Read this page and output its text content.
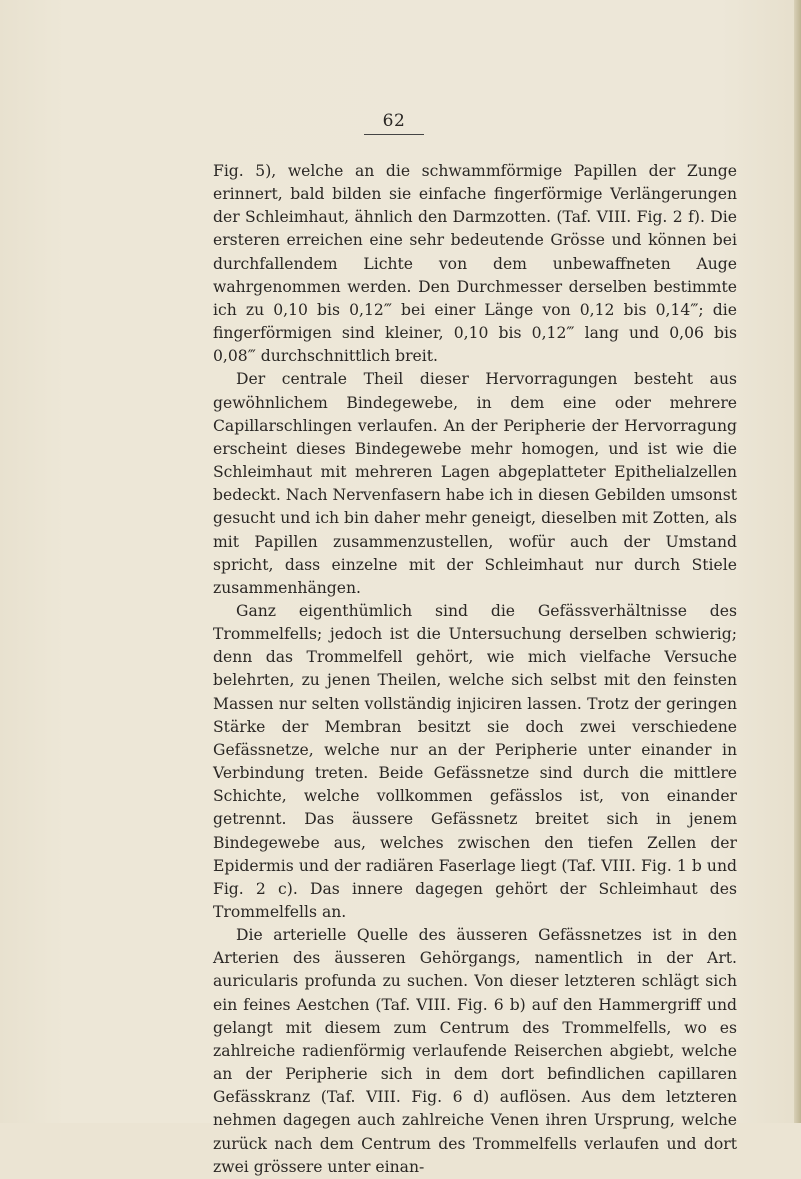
62

Fig. 5), welche an die schwammförmige Papillen der Zunge erinnert, bald bilden sie einfache fingerförmige Verlängerungen der Schleimhaut, ähnlich den Darmzotten. (Taf. VIII. Fig. 2 f). Die ersteren erreichen eine sehr bedeutende Grösse und können bei durchfallendem Lichte von dem unbewaffneten Auge wahrgenommen werden. Den Durchmesser derselben bestimmte ich zu 0,10 bis 0,12‴ bei einer Länge von 0,12 bis 0,14‴; die fingerförmigen sind kleiner, 0,10 bis 0,12‴ lang und 0,06 bis 0,08‴ durchschnittlich breit.

Der centrale Theil dieser Hervorragungen besteht aus gewöhnlichem Bindegewebe, in dem eine oder mehrere Capillarschlingen verlaufen. An der Peripherie der Hervorragung erscheint dieses Bindegewebe mehr homogen, und ist wie die Schleimhaut mit mehreren Lagen abgeplatteter Epithelialzellen bedeckt. Nach Nervenfasern habe ich in diesen Gebilden umsonst gesucht und ich bin daher mehr geneigt, dieselben mit Zotten, als mit Papillen zusammenzustellen, wofür auch der Umstand spricht, dass einzelne mit der Schleimhaut nur durch Stiele zusammenhängen.

Ganz eigenthümlich sind die Gefässverhältnisse des Trommelfells; jedoch ist die Untersuchung derselben schwierig; denn das Trommelfell gehört, wie mich vielfache Versuche belehrten, zu jenen Theilen, welche sich selbst mit den feinsten Massen nur selten vollständig injiciren lassen. Trotz der geringen Stärke der Membran besitzt sie doch zwei verschiedene Gefässnetze, welche nur an der Peripherie unter einander in Verbindung treten. Beide Gefässnetze sind durch die mittlere Schichte, welche vollkommen gefässlos ist, von einander getrennt. Das äussere Gefässnetz breitet sich in jenem Bindegewebe aus, welches zwischen den tiefen Zellen der Epidermis und der radiären Faserlage liegt (Taf. VIII. Fig. 1 b und Fig. 2 c). Das innere dagegen gehört der Schleimhaut des Trommelfells an.

Die arterielle Quelle des äusseren Gefässnetzes ist in den Arterien des äusseren Gehörgangs, namentlich in der Art. auricularis profunda zu suchen. Von dieser letzteren schlägt sich ein feines Aestchen (Taf. VIII. Fig. 6 b) auf den Hammergriff und gelangt mit diesem zum Centrum des Trommelfells, wo es zahlreiche radienförmig verlaufende Reiserchen abgiebt, welche an der Peripherie sich in dem dort befindlichen capillaren Gefässkranz (Taf. VIII. Fig. 6 d) auflösen. Aus dem letzteren nehmen dagegen auch zahlreiche Venen ihren Ursprung, welche zurück nach dem Centrum des Trommelfells verlaufen und dort zwei grössere unter einan-
